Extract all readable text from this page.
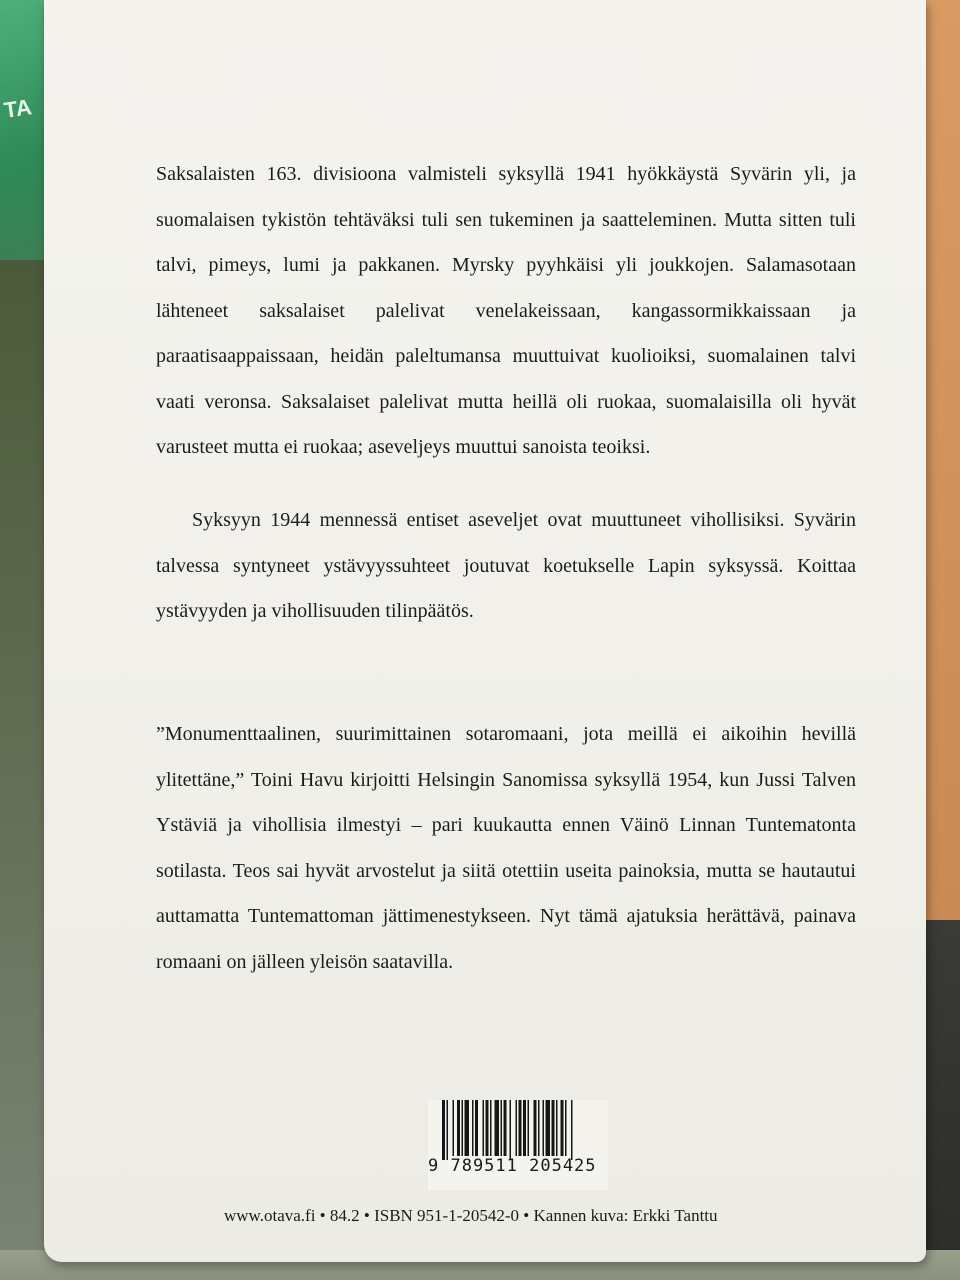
TA

Saksalaisten 163. divisioona valmisteli syksyllä 1941 hyökkäystä Syvärin yli, ja suomalaisen tykistön tehtäväksi tuli sen tukeminen ja saatteleminen. Mutta sitten tuli talvi, pimeys, lumi ja pakkanen. Myrsky pyyhkäisi yli joukkojen. Salamasotaan lähteneet saksalaiset palelivat venelakeissaan, kangassormikkaissaan ja paraatisaappaissaan, heidän paleltumansa muuttuivat kuolioiksi, suomalainen talvi vaati veronsa. Saksalaiset palelivat mutta heillä oli ruokaa, suomalaisilla oli hyvät varusteet mutta ei ruokaa; aseveljeys muuttui sanoista teoiksi.

Syksyyn 1944 mennessä entiset aseveljet ovat muuttuneet vihollisiksi. Syvärin talvessa syntyneet ystävyyssuhteet joutuvat koetukselle Lapin syksyssä. Koittaa ystävyyden ja vihollisuuden tilinpäätös.

”Monumenttaalinen, suurimittainen sotaromaani, jota meillä ei aikoihin hevillä ylitettäne,” Toini Havu kirjoitti Helsingin Sanomissa syksyllä 1954, kun Jussi Talven Ystäviä ja vihollisia ilmestyi – pari kuukautta ennen Väinö Linnan Tuntematonta sotilasta. Teos sai hyvät arvostelut ja siitä otettiin useita painoksia, mutta se hautautui auttamatta Tuntemattoman jättimenestykseen. Nyt tämä ajatuksia herättävä, painava romaani on jälleen yleisön saatavilla.

9 789511 205425
www.otava.fi • 84.2 • ISBN 951-1-20542-0 • Kannen kuva: Erkki Tanttu
